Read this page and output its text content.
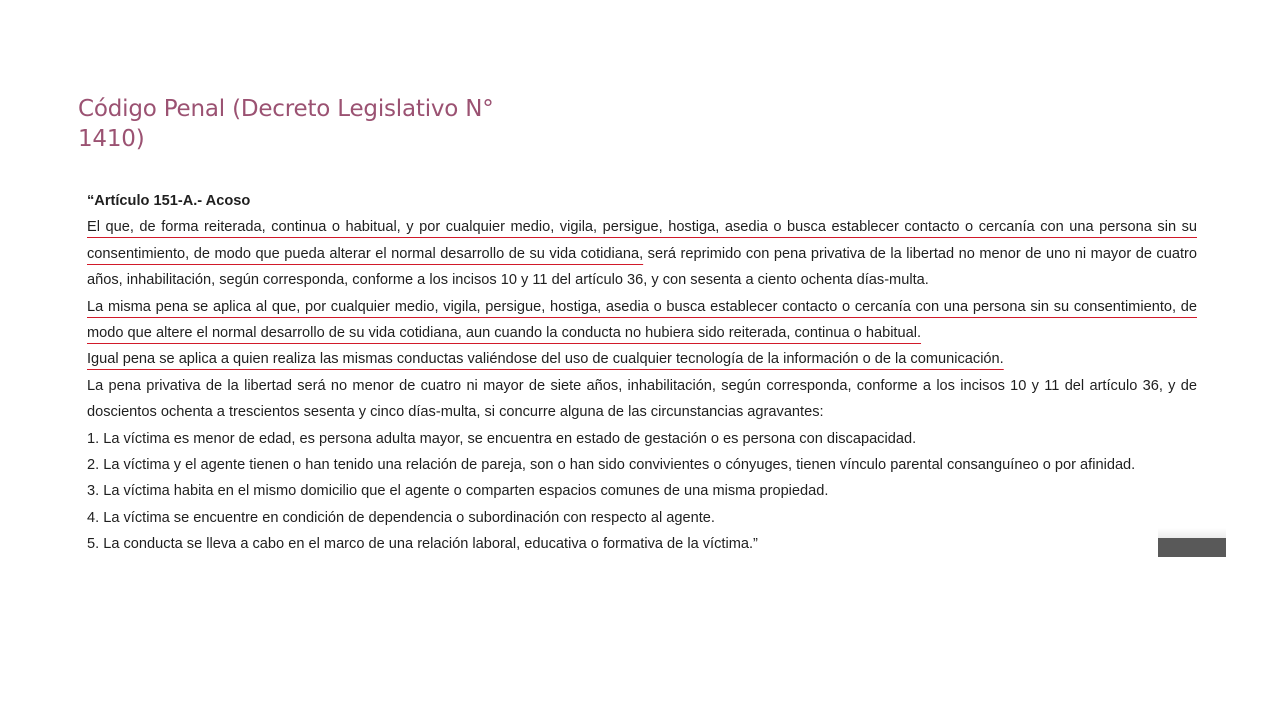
Código Penal (Decreto Legislativo N° 1410)

“Artículo 151-A.- Acoso

El que, de forma reiterada, continua o habitual, y por cualquier medio, vigila, persigue, hostiga, asedia o busca establecer contacto o cercanía con una persona sin su consentimiento, de modo que pueda alterar el normal desarrollo de su vida cotidiana, será reprimido con pena privativa de la libertad no menor de uno ni mayor de cuatro años, inhabilitación, según corresponda, conforme a los incisos 10 y 11 del artículo 36, y con sesenta a ciento ochenta días-multa.

La misma pena se aplica al que, por cualquier medio, vigila, persigue, hostiga, asedia o busca establecer contacto o cercanía con una persona sin su consentimiento, de modo que altere el normal desarrollo de su vida cotidiana, aun cuando la conducta no hubiera sido reiterada, continua o habitual.

Igual pena se aplica a quien realiza las mismas conductas valiéndose del uso de cualquier tecnología de la información o de la comunicación.

La pena privativa de la libertad será no menor de cuatro ni mayor de siete años, inhabilitación, según corresponda, conforme a los incisos 10 y 11 del artículo 36, y de doscientos ochenta a trescientos sesenta y cinco días-multa, si concurre alguna de las circunstancias agravantes:

1. La víctima es menor de edad, es persona adulta mayor, se encuentra en estado de gestación o es persona con discapacidad.

2. La víctima y el agente tienen o han tenido una relación de pareja, son o han sido convivientes o cónyuges, tienen vínculo parental consanguíneo o por afinidad.

3. La víctima habita en el mismo domicilio que el agente o comparten espacios comunes de una misma propiedad.

4. La víctima se encuentre en condición de dependencia o subordinación con respecto al agente.

5. La conducta se lleva a cabo en el marco de una relación laboral, educativa o formativa de la víctima.”
